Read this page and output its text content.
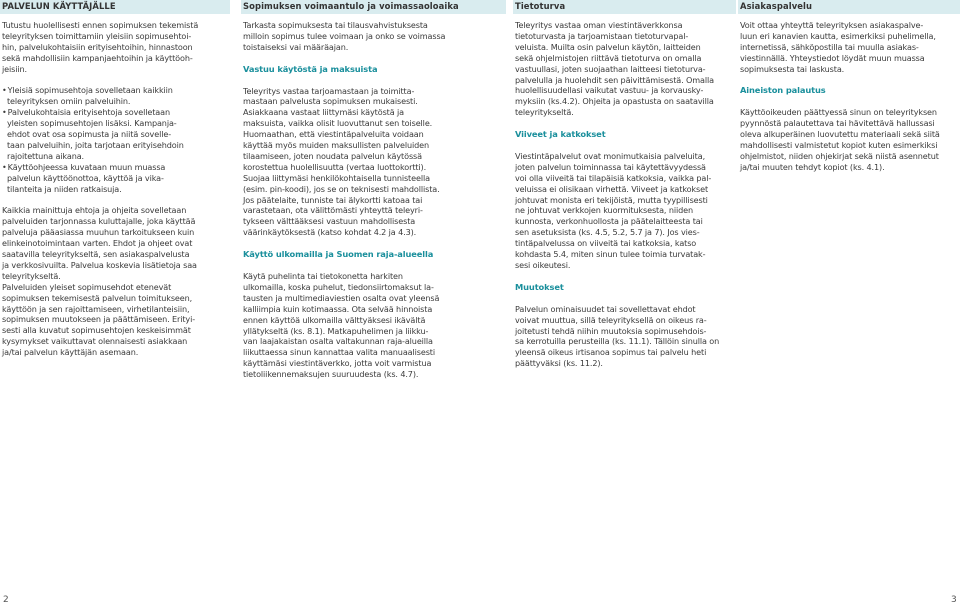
PALVELUN KÄYTTÄJÄLLE	Sopimuksen voimaantulo ja voimassaoloaika	Tietoturva	Asiakaspalvelu
Tutustu huolellisesti ennen sopimuksen tekemistä
teleyrityksen toimittamiin yleisiin sopimusehtoi-
hin, palvelukohtaisiin erityisehtoihin, hinnastoon
sekä mahdollisiin kampanjaehtoihin ja käyttöoh-
jeisiin.
• Yleisiä sopimusehtoja sovelletaan kaikkiin
teleyrityksen omiin palveluihin.
• Palvelukohtaisia erityisehtoja sovelletaan
yleisten sopimusehtojen lisäksi. Kampanja-
ehdot ovat osa sopimusta ja niitä sovelle-
taan palveluihin, joita tarjotaan erityisehdoin
rajoitettuna aikana.
• Käyttöohjeessa kuvataan muun muassa
palvelun käyttöönottoa, käyttöä ja vika-
tilanteita ja niiden ratkaisuja.
Kaikkia mainittuja ehtoja ja ohjeita sovelletaan
palveluiden tarjonnassa kuluttajalle, joka käyttää
palveluja pääasiassa muuhun tarkoitukseen kuin
elinkeinotoimintaan varten. Ehdot ja ohjeet ovat
saatavilla teleyritykseltä, sen asiakaspalvelusta
ja verkkosivuilta. Palvelua koskevia lisätietoja saa
teleyritykseltä.
Palveluiden yleiset sopimusehdot etenevät
sopimuksen tekemisestä palvelun toimitukseen,
käyttöön ja sen rajoittamiseen, virhetilanteisiin,
sopimuksen muutokseen ja päättämiseen. Erityi-
sesti alla kuvatut sopimusehtojen keskeisimmät
kysymykset vaikuttavat olennaisesti asiakkaan
ja/tai palvelun käyttäjän asemaan.
Tarkasta sopimuksesta tai tilausvahvistuksesta
milloin sopimus tulee voimaan ja onko se voimassa
toistaiseksi vai määräajan.
Vastuu käytöstä ja maksuista
Teleyritys vastaa tarjoamastaan ja toimitta-
mastaan palvelusta sopimuksen mukaisesti.
Asiakkaana vastaat liittymäsi käytöstä ja
maksuista, vaikka olisit luovuttanut sen toiselle.
Huomaathan, että viestintäpalveluita voidaan
käyttää myös muiden maksullisten palveluiden
tilaamiseen, joten noudata palvelun käytössä
korostettua huolellisuutta (vertaa luottokortti).
Suojaa liittymäsi henkilökohtaisella tunnisteella
(esim. pin-koodi), jos se on teknisesti mahdollista.
Jos päätelaite, tunniste tai älykortti katoaa tai
varastetaan, ota välittömästi yhteyttä teleyri-
tykseen välttääksesi vastuun mahdollisesta
väärinkäytöksestä (katso kohdat 4.2 ja 4.3).
Käyttö ulkomailla ja Suomen raja-alueella
Käytä puhelinta tai tietokonetta harkiten
ulkomailla, koska puhelut, tiedonsiirtomaksut la-
tausten ja multimediaviestien osalta ovat yleensä
kalliimpia kuin kotimaassa. Ota selvää hinnoista
ennen käyttöä ulkomailla välttyäksesi ikävältä
yllätykseltä (ks. 8.1). Matkapuhelimen ja liikku-
van laajakaistan osalta valtakunnan raja-alueilla
liikuttaessa sinun kannattaa valita manuaalisesti
käyttämäsi viestintäverkko, jotta voit varmistua
tietoliikennemaksujen suuruudesta (ks. 4.7).
Teleyritys vastaa oman viestintäverkkonsa
tietoturvasta ja tarjoamistaan tietoturvapal-
veluista. Muilta osin palvelun käytön, laitteiden
sekä ohjelmistojen riittävä tietoturva on omalla
vastuullasi, joten suojaathan laitteesi tietoturva-
palvelulla ja huolehdit sen päivittämisestä. Omalla
huolellisuudellasi vaikutat vastuu- ja korvausky-
myksiin (ks.4.2). Ohjeita ja opastusta on saatavilla
teleyritykseltä.
Viiveet ja katkokset
Viestintäpalvelut ovat monimutkaisia palveluita,
joten palvelun toiminnassa tai käytettävyydessä
voi olla viiveitä tai tilapäisiä katkoksia, vaikka pal-
veluissa ei olisikaan virhettä. Viiveet ja katkokset
johtuvat monista eri tekijöistä, mutta tyypillisesti
ne johtuvat verkkojen kuormituksesta, niiden
kunnosta, verkonhuollosta ja päätelaitteesta tai
sen asetuksista (ks. 4.5, 5.2, 5.7 ja 7). Jos vies-
tintäpalvelussa on viiveitä tai katkoksia, katso
kohdasta 5.4, miten sinun tulee toimia turvatak-
sesi oikeutesi.
Muutokset
Palvelun ominaisuudet tai sovellettavat ehdot
voivat muuttua, sillä teleyrityksellä on oikeus ra-
joitetusti tehdä niihin muutoksia sopimusehdois-
sa kerrotuilla perusteilla (ks. 11.1). Tällöin sinulla on
yleensä oikeus irtisanoa sopimus tai palvelu heti
päättyväksi (ks. 11.2).
Voit ottaa yhteyttä teleyrityksen asiakaspalve-
luun eri kanavien kautta, esimerkiksi puhelimella,
internetissä, sähköpostilla tai muulla asiakas-
viestinnällä. Yhteystiedot löydät muun muassa
sopimuksesta tai laskusta.
Aineiston palautus
Käyttöoikeuden päättyessä sinun on teleyrityksen
pyynnöstä palautettava tai hävitettävä hallussasi
oleva alkuperäinen luovutettu materiaali sekä siitä
mahdollisesti valmistetut kopiot kuten esimerkiksi
ohjelmistot, niiden ohjekirjat sekä niistä asennetut
ja/tai muuten tehdyt kopiot (ks. 4.1).
2	3
